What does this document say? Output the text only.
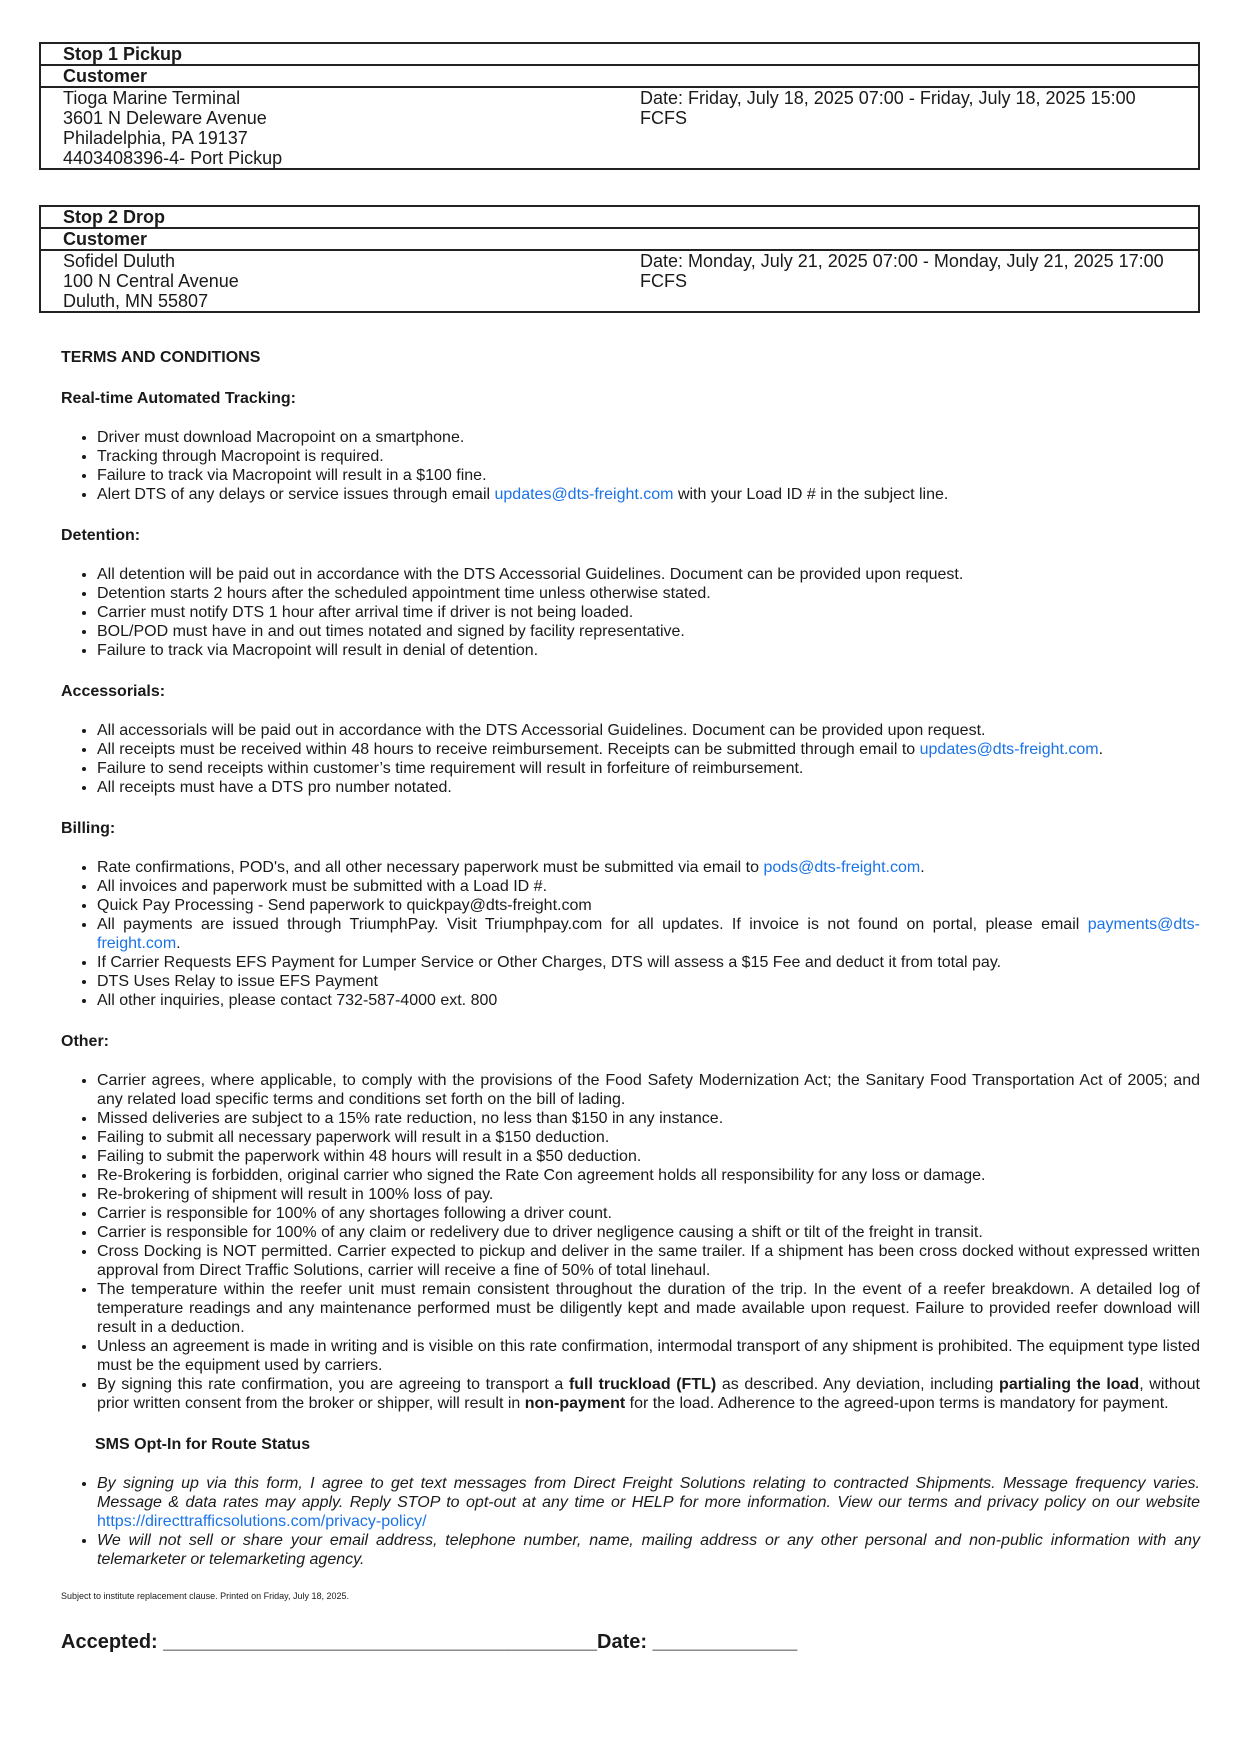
Stop 1 Pickup
Customer
Tioga Marine Terminal
3601 N Deleware Avenue
Philadelphia, PA 19137
4403408396-4- Port Pickup
Date: Friday, July 18, 2025 07:00 - Friday, July 18, 2025 15:00
FCFS
Stop 2 Drop
Customer
Sofidel Duluth
100 N Central Avenue
Duluth, MN 55807
Date: Monday, July 21, 2025 07:00 - Monday, July 21, 2025 17:00
FCFS
TERMS AND CONDITIONS
Real-time Automated Tracking:
• Driver must download Macropoint on a smartphone.
• Tracking through Macropoint is required.
• Failure to track via Macropoint will result in a $100 fine.
• Alert DTS of any delays or service issues through email updates@dts-freight.com with your Load ID # in the subject line.
Detention:
• All detention will be paid out in accordance with the DTS Accessorial Guidelines. Document can be provided upon request.
• Detention starts 2 hours after the scheduled appointment time unless otherwise stated.
• Carrier must notify DTS 1 hour after arrival time if driver is not being loaded.
• BOL/POD must have in and out times notated and signed by facility representative.
• Failure to track via Macropoint will result in denial of detention.
Accessorials:
• All accessorials will be paid out in accordance with the DTS Accessorial Guidelines. Document can be provided upon request.
• All receipts must be received within 48 hours to receive reimbursement. Receipts can be submitted through email to updates@dts-freight.com.
• Failure to send receipts within customer’s time requirement will result in forfeiture of reimbursement.
• All receipts must have a DTS pro number notated.
Billing:
• Rate confirmations, POD's, and all other necessary paperwork must be submitted via email to pods@dts-freight.com.
• All invoices and paperwork must be submitted with a Load ID #.
• Quick Pay Processing - Send paperwork to quickpay@dts-freight.com
• All payments are issued through TriumphPay. Visit Triumphpay.com for all updates. If invoice is not found on portal, please email payments@dts-freight.com.
• If Carrier Requests EFS Payment for Lumper Service or Other Charges, DTS will assess a $15 Fee and deduct it from total pay.
• DTS Uses Relay to issue EFS Payment
• All other inquiries, please contact 732-587-4000 ext. 800
Other:
• Carrier agrees, where applicable, to comply with the provisions of the Food Safety Modernization Act; the Sanitary Food Transportation Act of 2005; and any related load specific terms and conditions set forth on the bill of lading.
• Missed deliveries are subject to a 15% rate reduction, no less than $150 in any instance.
• Failing to submit all necessary paperwork will result in a $150 deduction.
• Failing to submit the paperwork within 48 hours will result in a $50 deduction.
• Re-Brokering is forbidden, original carrier who signed the Rate Con agreement holds all responsibility for any loss or damage.
• Re-brokering of shipment will result in 100% loss of pay.
• Carrier is responsible for 100% of any shortages following a driver count.
• Carrier is responsible for 100% of any claim or redelivery due to driver negligence causing a shift or tilt of the freight in transit.
• Cross Docking is NOT permitted. Carrier expected to pickup and deliver in the same trailer. If a shipment has been cross docked without expressed written approval from Direct Traffic Solutions, carrier will receive a fine of 50% of total linehaul.
• The temperature within the reefer unit must remain consistent throughout the duration of the trip. In the event of a reefer breakdown. A detailed log of temperature readings and any maintenance performed must be diligently kept and made available upon request. Failure to provided reefer download will result in a deduction.
• Unless an agreement is made in writing and is visible on this rate confirmation, intermodal transport of any shipment is prohibited. The equipment type listed must be the equipment used by carriers.
• By signing this rate confirmation, you are agreeing to transport a full truckload (FTL) as described. Any deviation, including partialing the load, without prior written consent from the broker or shipper, will result in non-payment for the load. Adherence to the agreed-upon terms is mandatory for payment.
SMS Opt-In for Route Status
• By signing up via this form, I agree to get text messages from Direct Freight Solutions relating to contracted Shipments. Message frequency varies. Message & data rates may apply. Reply STOP to opt-out at any time or HELP for more information. View our terms and privacy policy on our website https://directtrafficsolutions.com/privacy-policy/
• We will not sell or share your email address, telephone number, name, mailing address or any other personal and non-public information with any telemarketer or telemarketing agency.
Subject to institute replacement clause. Printed on Friday, July 18, 2025.
Accepted: _______________________________________Date: _____________
